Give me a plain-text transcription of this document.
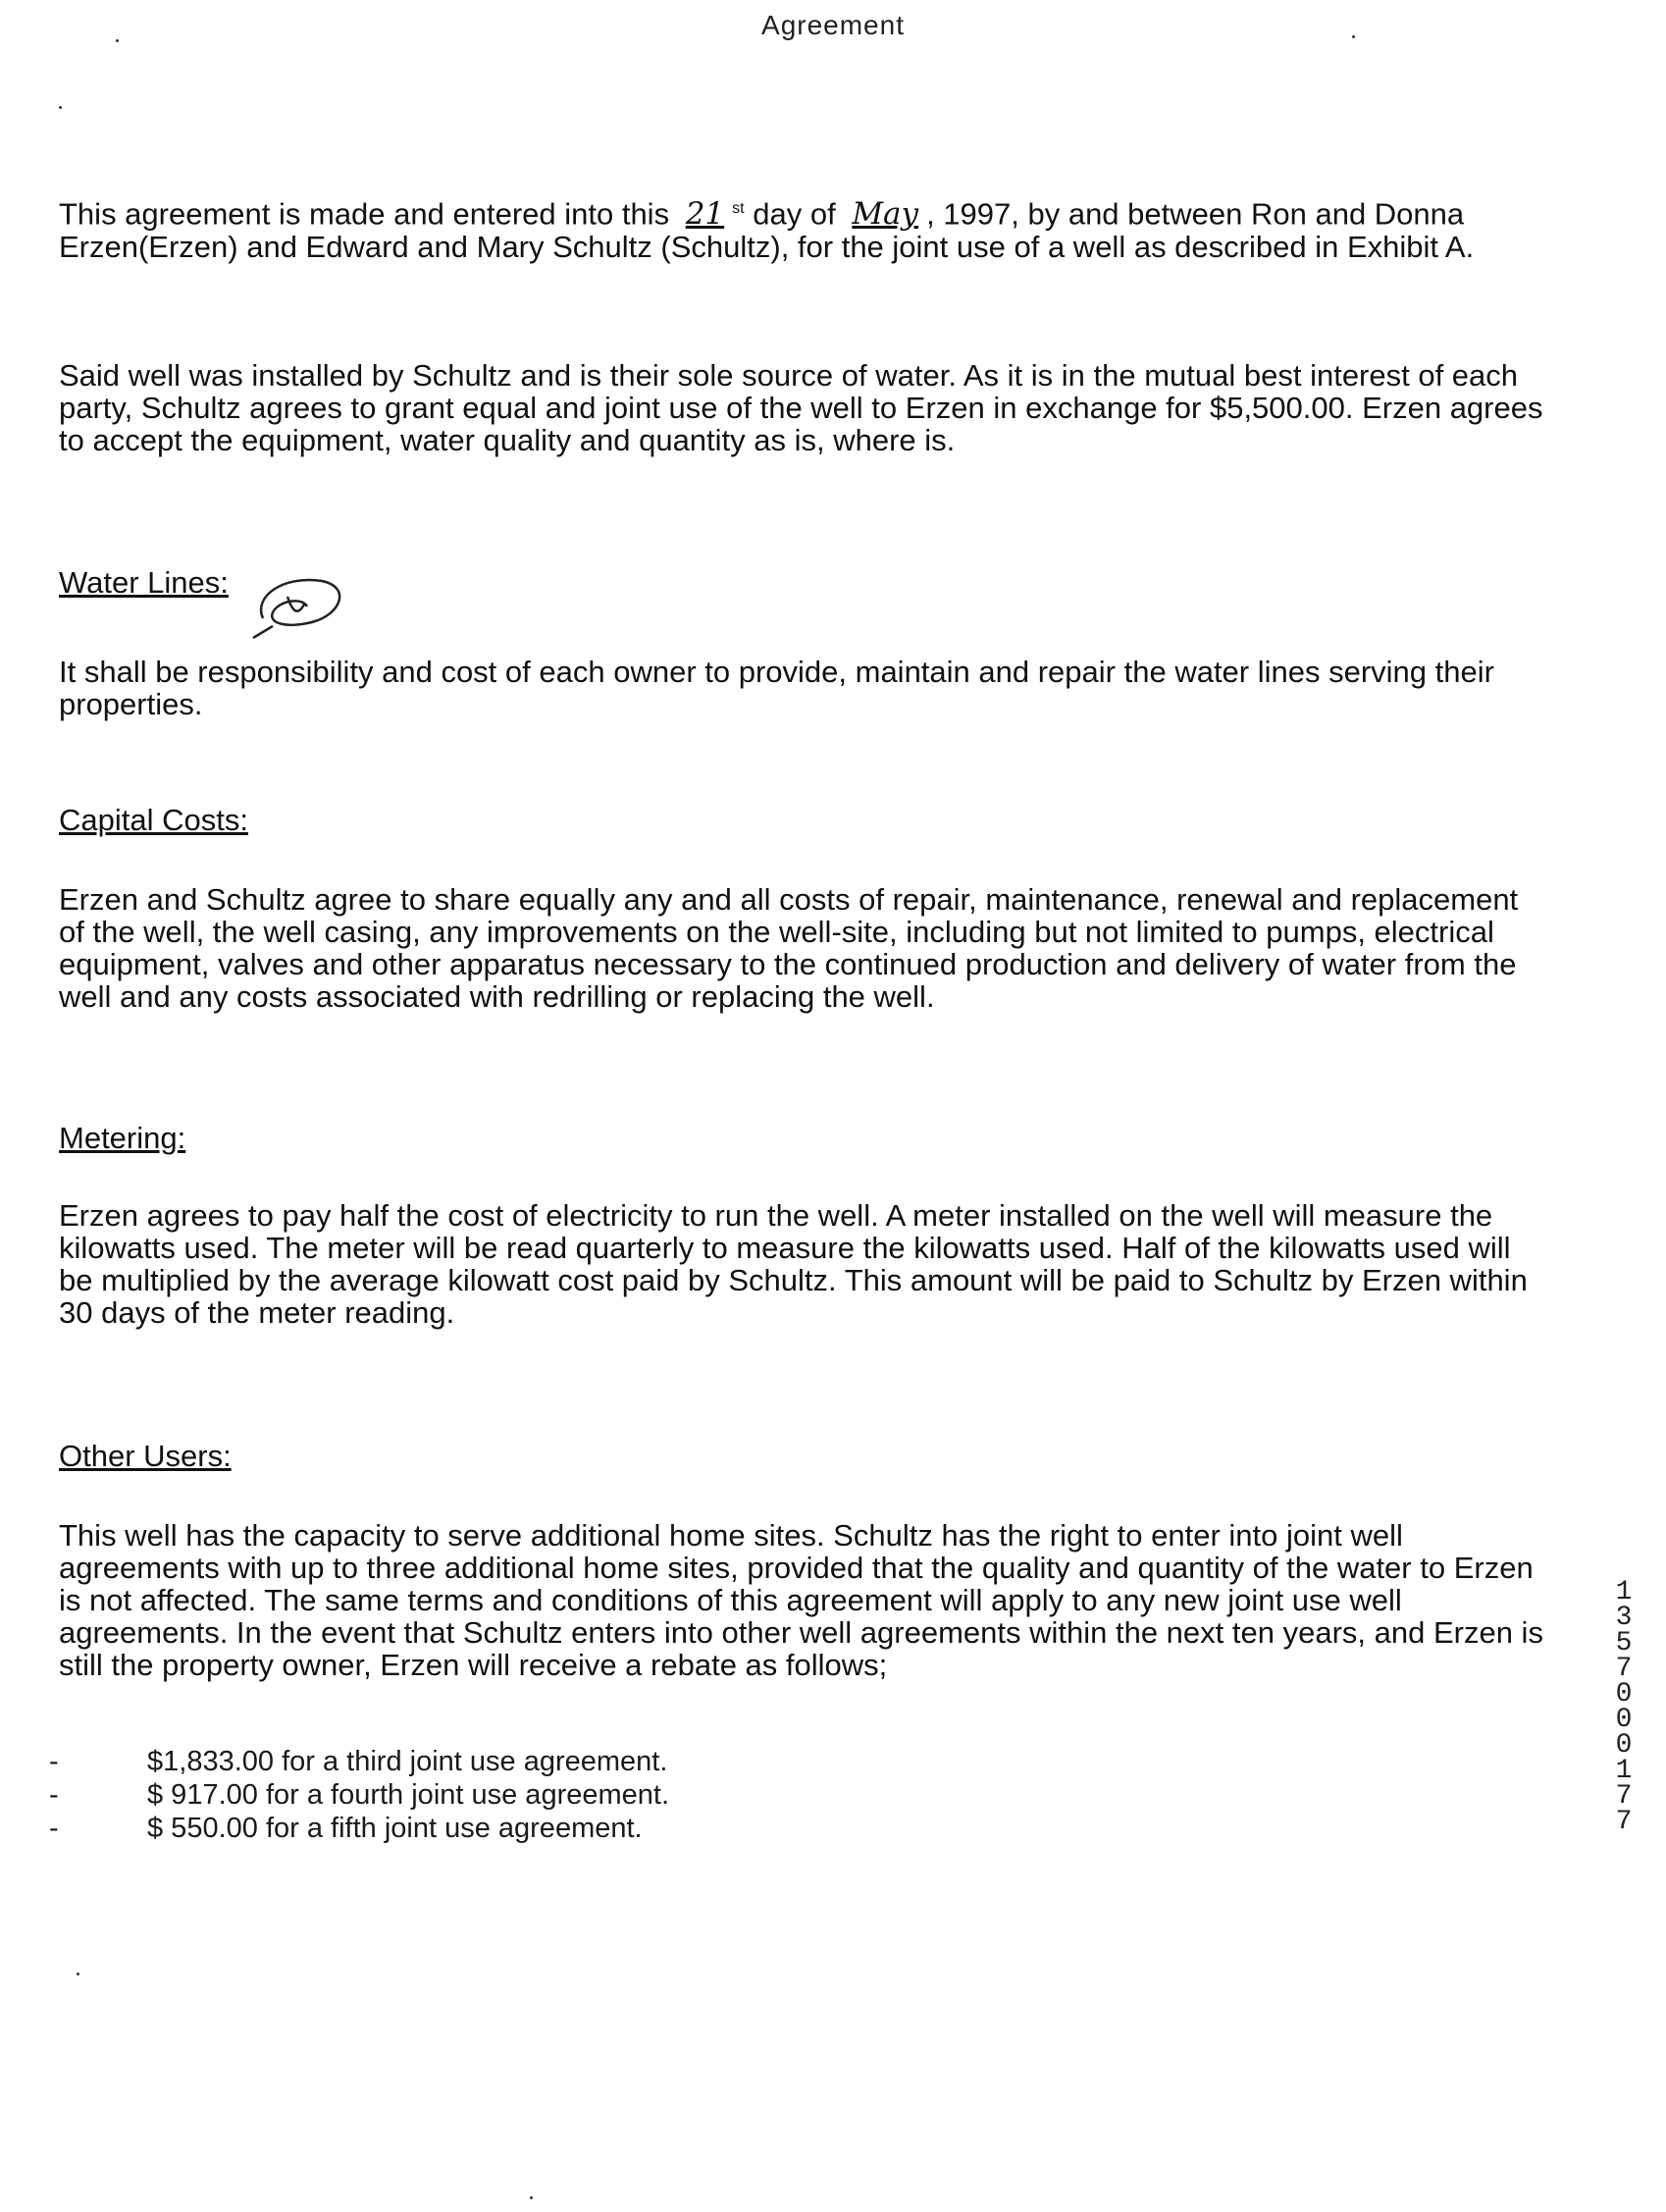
Agreement
This agreement is made and entered into this 21 $^{st}$ day of May , 1997, by and between Ron and Donna Erzen(Erzen) and Edward and Mary Schultz (Schultz), for the joint use of a well as described in Exhibit A.
Said well was installed by Schultz and is their sole source of water. As it is in the mutual best interest of each party, Schultz agrees to grant equal and joint use of the well to Erzen in exchange for $5,500.00. Erzen agrees to accept the equipment, water quality and quantity as is, where is.
Water Lines:
It shall be responsibility and cost of each owner to provide, maintain and repair the water lines serving their properties.
Capital Costs:
Erzen and Schultz agree to share equally any and all costs of repair, maintenance, renewal and replacement of the well, the well casing, any improvements on the well-site, including but not limited to pumps, electrical equipment, valves and other apparatus necessary to the continued production and delivery of water from the well and any costs associated with redrilling or replacing the well.
Metering:
Erzen agrees to pay half the cost of electricity to run the well. A meter installed on the well will measure the kilowatts used. The meter will be read quarterly to measure the kilowatts used. Half of the kilowatts used will be multiplied by the average kilowatt cost paid by Schultz. This amount will be paid to Schultz by Erzen within 30 days of the meter reading.
Other Users:
This well has the capacity to serve additional home sites. Schultz has the right to enter into joint well agreements with up to three additional home sites, provided that the quality and quantity of the water to Erzen is not affected. The same terms and conditions of this agreement will apply to any new joint use well agreements. In the event that Schultz enters into other well agreements within the next ten years, and Erzen is still the property owner, Erzen will receive a rebate as follows;
-	$1,833.00 for a third joint use agreement.
-	$ 917.00 for a fourth joint use agreement.
-	$ 550.00 for a fifth joint use agreement.
1
3
5
7
0
0
0
1
7
7
